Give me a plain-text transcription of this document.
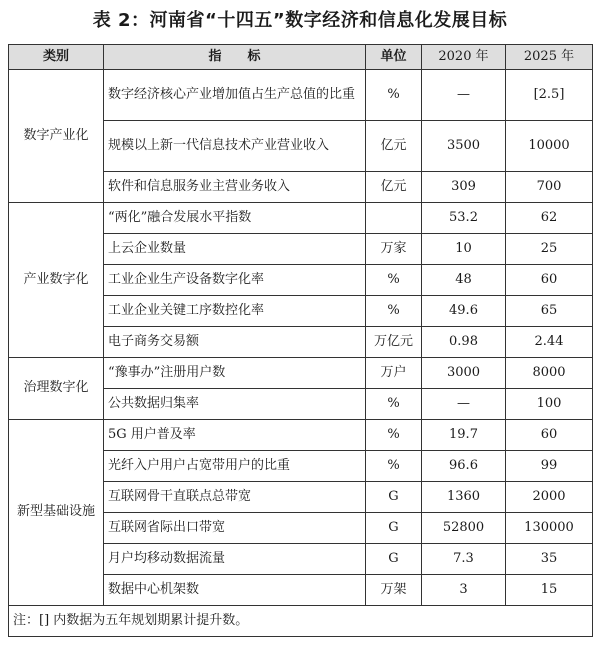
表 2：河南省“十四五”数字经济和信息化发展目标
类别	指　　标	单位	2020 年	2025 年
数字产业化	数字经济核心产业增加值占生产总值的比重	%	—	[2.5]
	规模以上新一代信息技术产业营业收入	亿元	3500	10000
	软件和信息服务业主营业务收入	亿元	309	700
产业数字化	“两化”融合发展水平指数		53.2	62
	上云企业数量	万家	10	25
	工业企业生产设备数字化率	%	48	60
	工业企业关键工序数控化率	%	49.6	65
	电子商务交易额	万亿元	0.98	2.44
治理数字化	“豫事办”注册用户数	万户	3000	8000
	公共数据归集率	%	—	100
新型基础设施	5G 用户普及率	%	19.7	60
	光纤入户用户占宽带用户的比重	%	96.6	99
	互联网骨干直联点总带宽	G	1360	2000
	互联网省际出口带宽	G	52800	130000
	月户均移动数据流量	G	7.3	35
	数据中心机架数	万架	3	15
注：[] 内数据为五年规划期累计提升数。				
